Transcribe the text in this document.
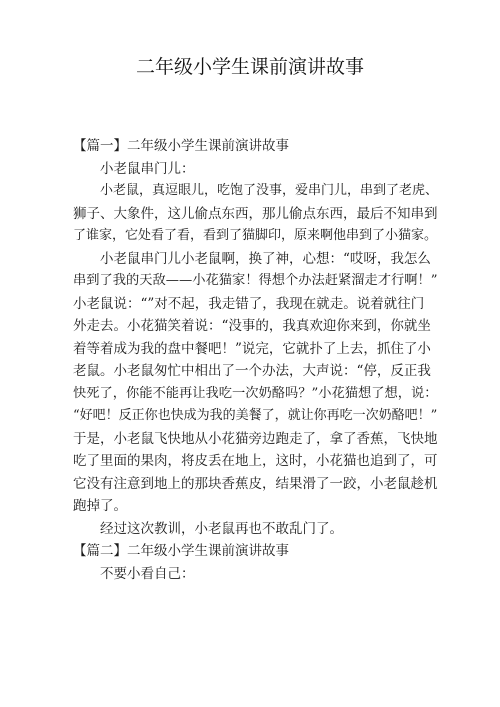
二年级小学生课前演讲故事
【篇一】二年级小学生课前演讲故事
小老鼠串门儿：
小老鼠，真逗眼儿，吃饱了没事，爱串门儿，串到了老虎、
狮子、大象件，这儿偷点东西，那儿偷点东西，最后不知串到
了谁家，它处看了看，看到了猫脚印，原来啊他串到了小猫家。
小老鼠串门儿小老鼠啊，换了神，心想：“哎呀，我怎么
串到了我的天敌——小花猫家！得想个办法赶紧溜走才行啊！”
小老鼠说：“”对不起，我走错了，我现在就走。说着就往门
外走去。小花猫笑着说：“没事的，我真欢迎你来到，你就坐
着等着成为我的盘中餐吧！”说完，它就扑了上去，抓住了小
老鼠。小老鼠匆忙中相出了一个办法，大声说：“停，反正我
快死了，你能不能再让我吃一次奶酪吗？”小花猫想了想，说：
“好吧！反正你也快成为我的美餐了，就让你再吃一次奶酪吧！”
于是，小老鼠飞快地从小花猫旁边跑走了，拿了香蕉，飞快地
吃了里面的果肉，将皮丢在地上，这时，小花猫也追到了，可
它没有注意到地上的那块香蕉皮，结果滑了一跤，小老鼠趁机
跑掉了。
经过这次教训，小老鼠再也不敢乱门了。
【篇二】二年级小学生课前演讲故事
不要小看自己：
